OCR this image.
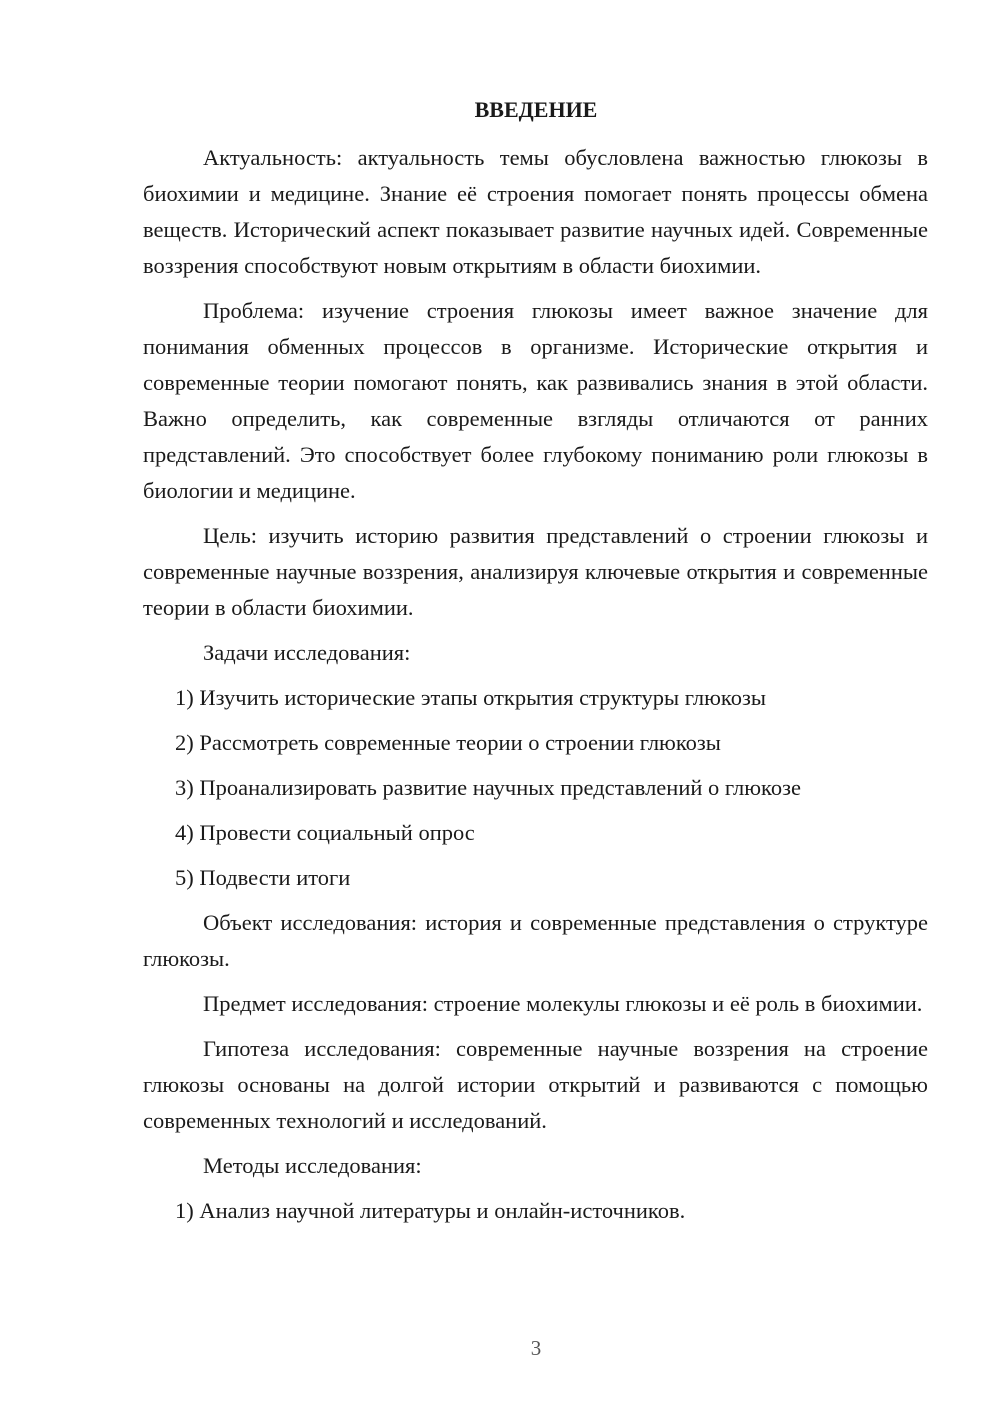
ВВЕДЕНИЕ

Актуальность: актуальность темы обусловлена важностью глюкозы в биохимии и медицине. Знание её строения помогает понять процессы обмена веществ. Исторический аспект показывает развитие научных идей. Современные воззрения способствуют новым открытиям в области биохимии.

Проблема: изучение строения глюкозы имеет важное значение для понимания обменных процессов в организме. Исторические открытия и современные теории помогают понять, как развивались знания в этой области. Важно определить, как современные взгляды отличаются от ранних представлений. Это способствует более глубокому пониманию роли глюкозы в биологии и медицине.

Цель: изучить историю развития представлений о строении глюкозы и современные научные воззрения, анализируя ключевые открытия и современные теории в области биохимии.

Задачи исследования:

1) Изучить исторические этапы открытия структуры глюкозы

2) Рассмотреть современные теории о строении глюкозы

3) Проанализировать развитие научных представлений о глюкозе

4) Провести социальный опрос

5) Подвести итоги

Объект исследования: история и современные представления о структуре глюкозы.

Предмет исследования: строение молекулы глюкозы и её роль в биохимии.

Гипотеза исследования: современные научные воззрения на строение глюкозы основаны на долгой истории открытий и развиваются с помощью современных технологий и исследований.

Методы исследования:

1) Анализ научной литературы и онлайн-источников.

3
